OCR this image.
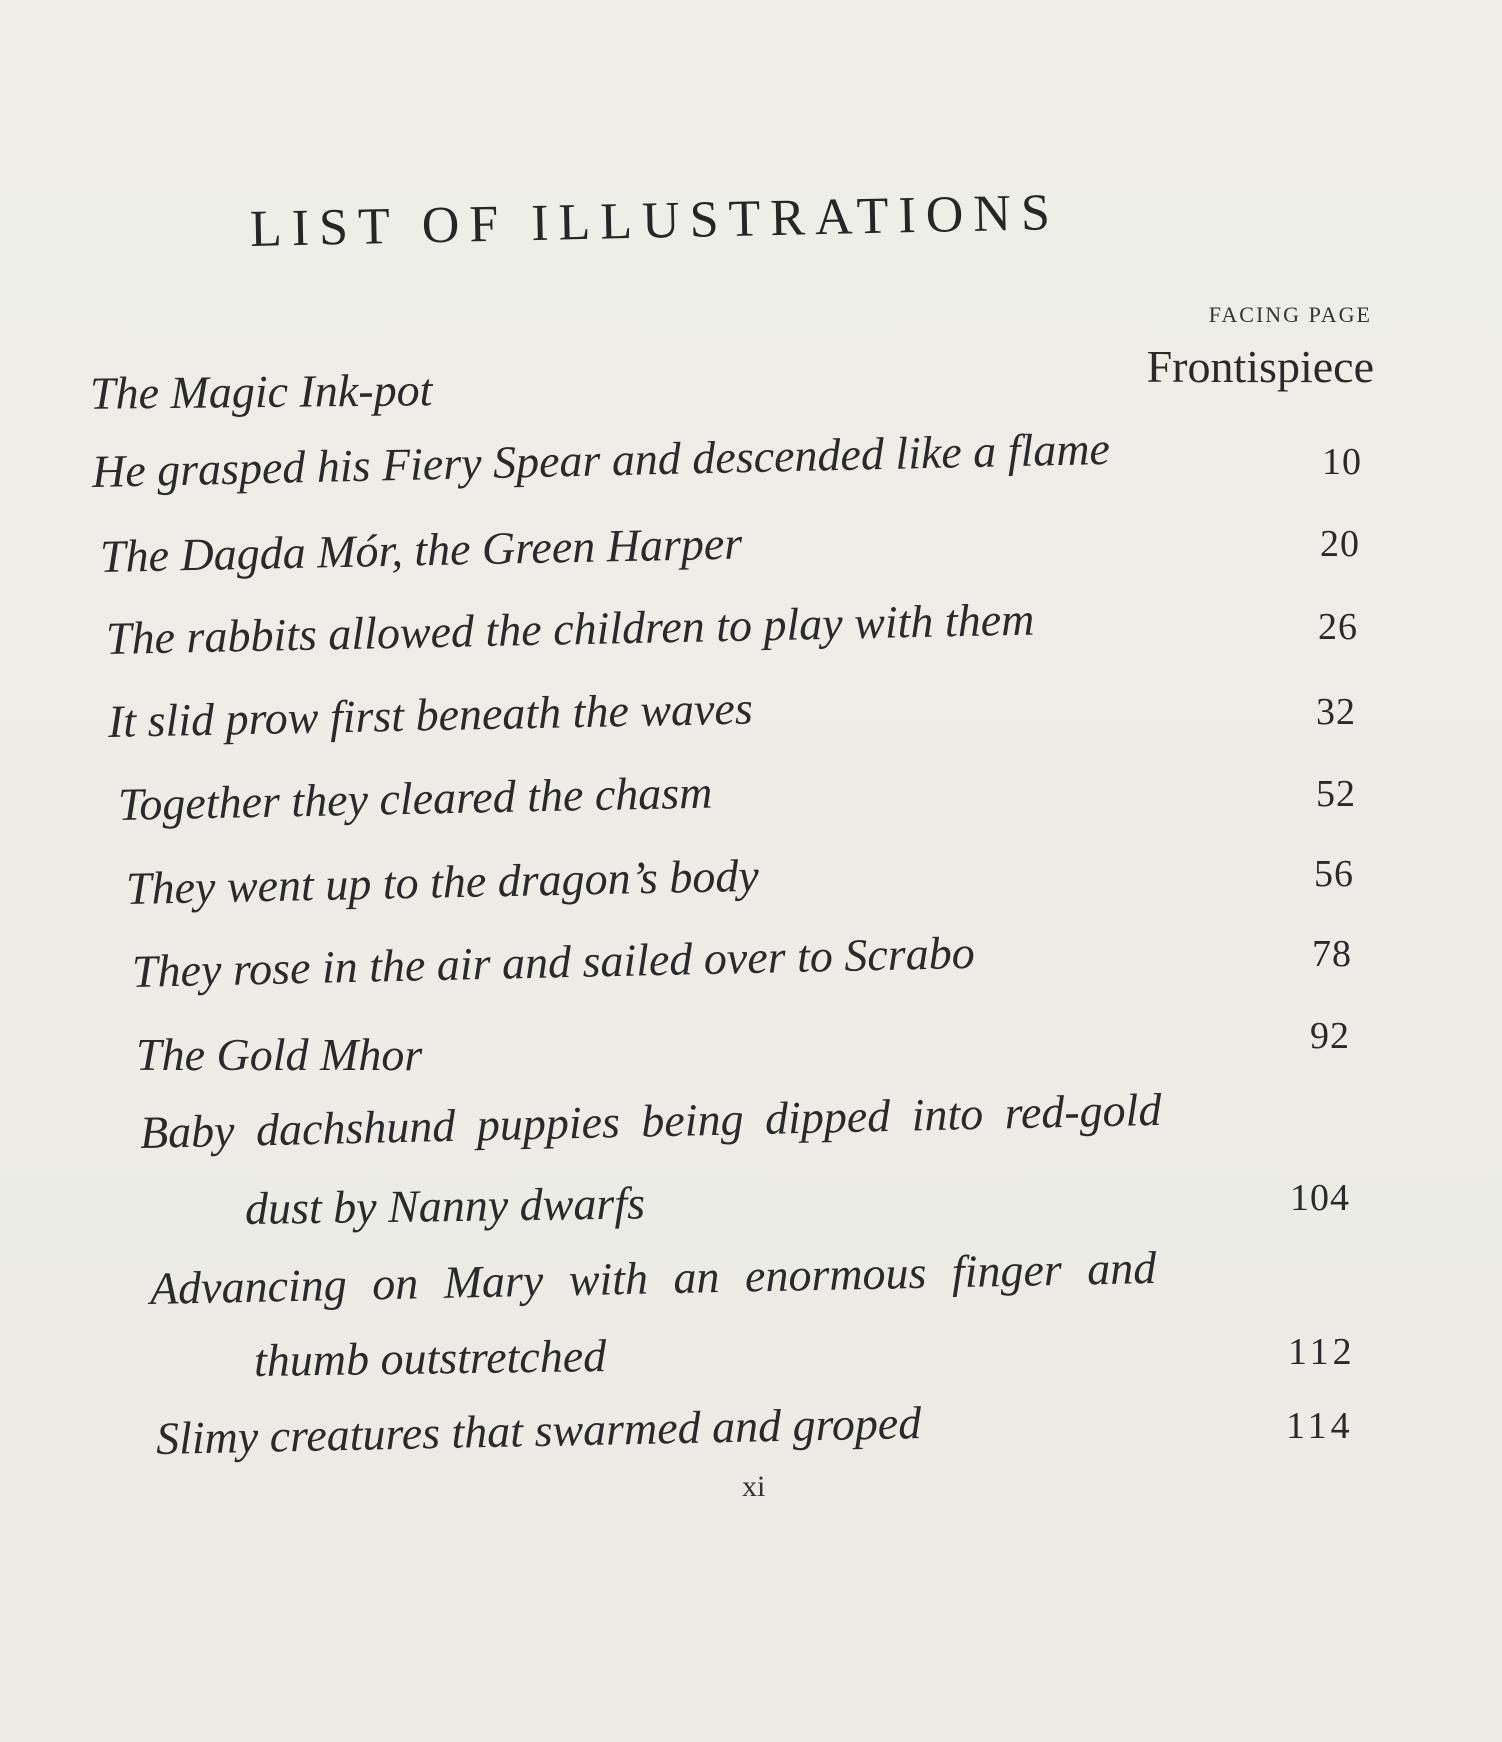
LIST OF ILLUSTRATIONS
FACING PAGE
The Magic Ink-pot	Frontispiece
He grasped his Fiery Spear and descended like a flame	10
The Dagda Mór, the Green Harper	20
The rabbits allowed the children to play with them	26
It slid prow first beneath the waves	32
Together they cleared the chasm	52
They went up to the dragon’s body	56
They rose in the air and sailed over to Scrabo	78
The Gold Mhor	92
Baby dachshund puppies being dipped into red-gold
dust by Nanny dwarfs	104
Advancing on Mary with an enormous finger and
thumb outstretched	112
Slimy creatures that swarmed and groped	114
xi
